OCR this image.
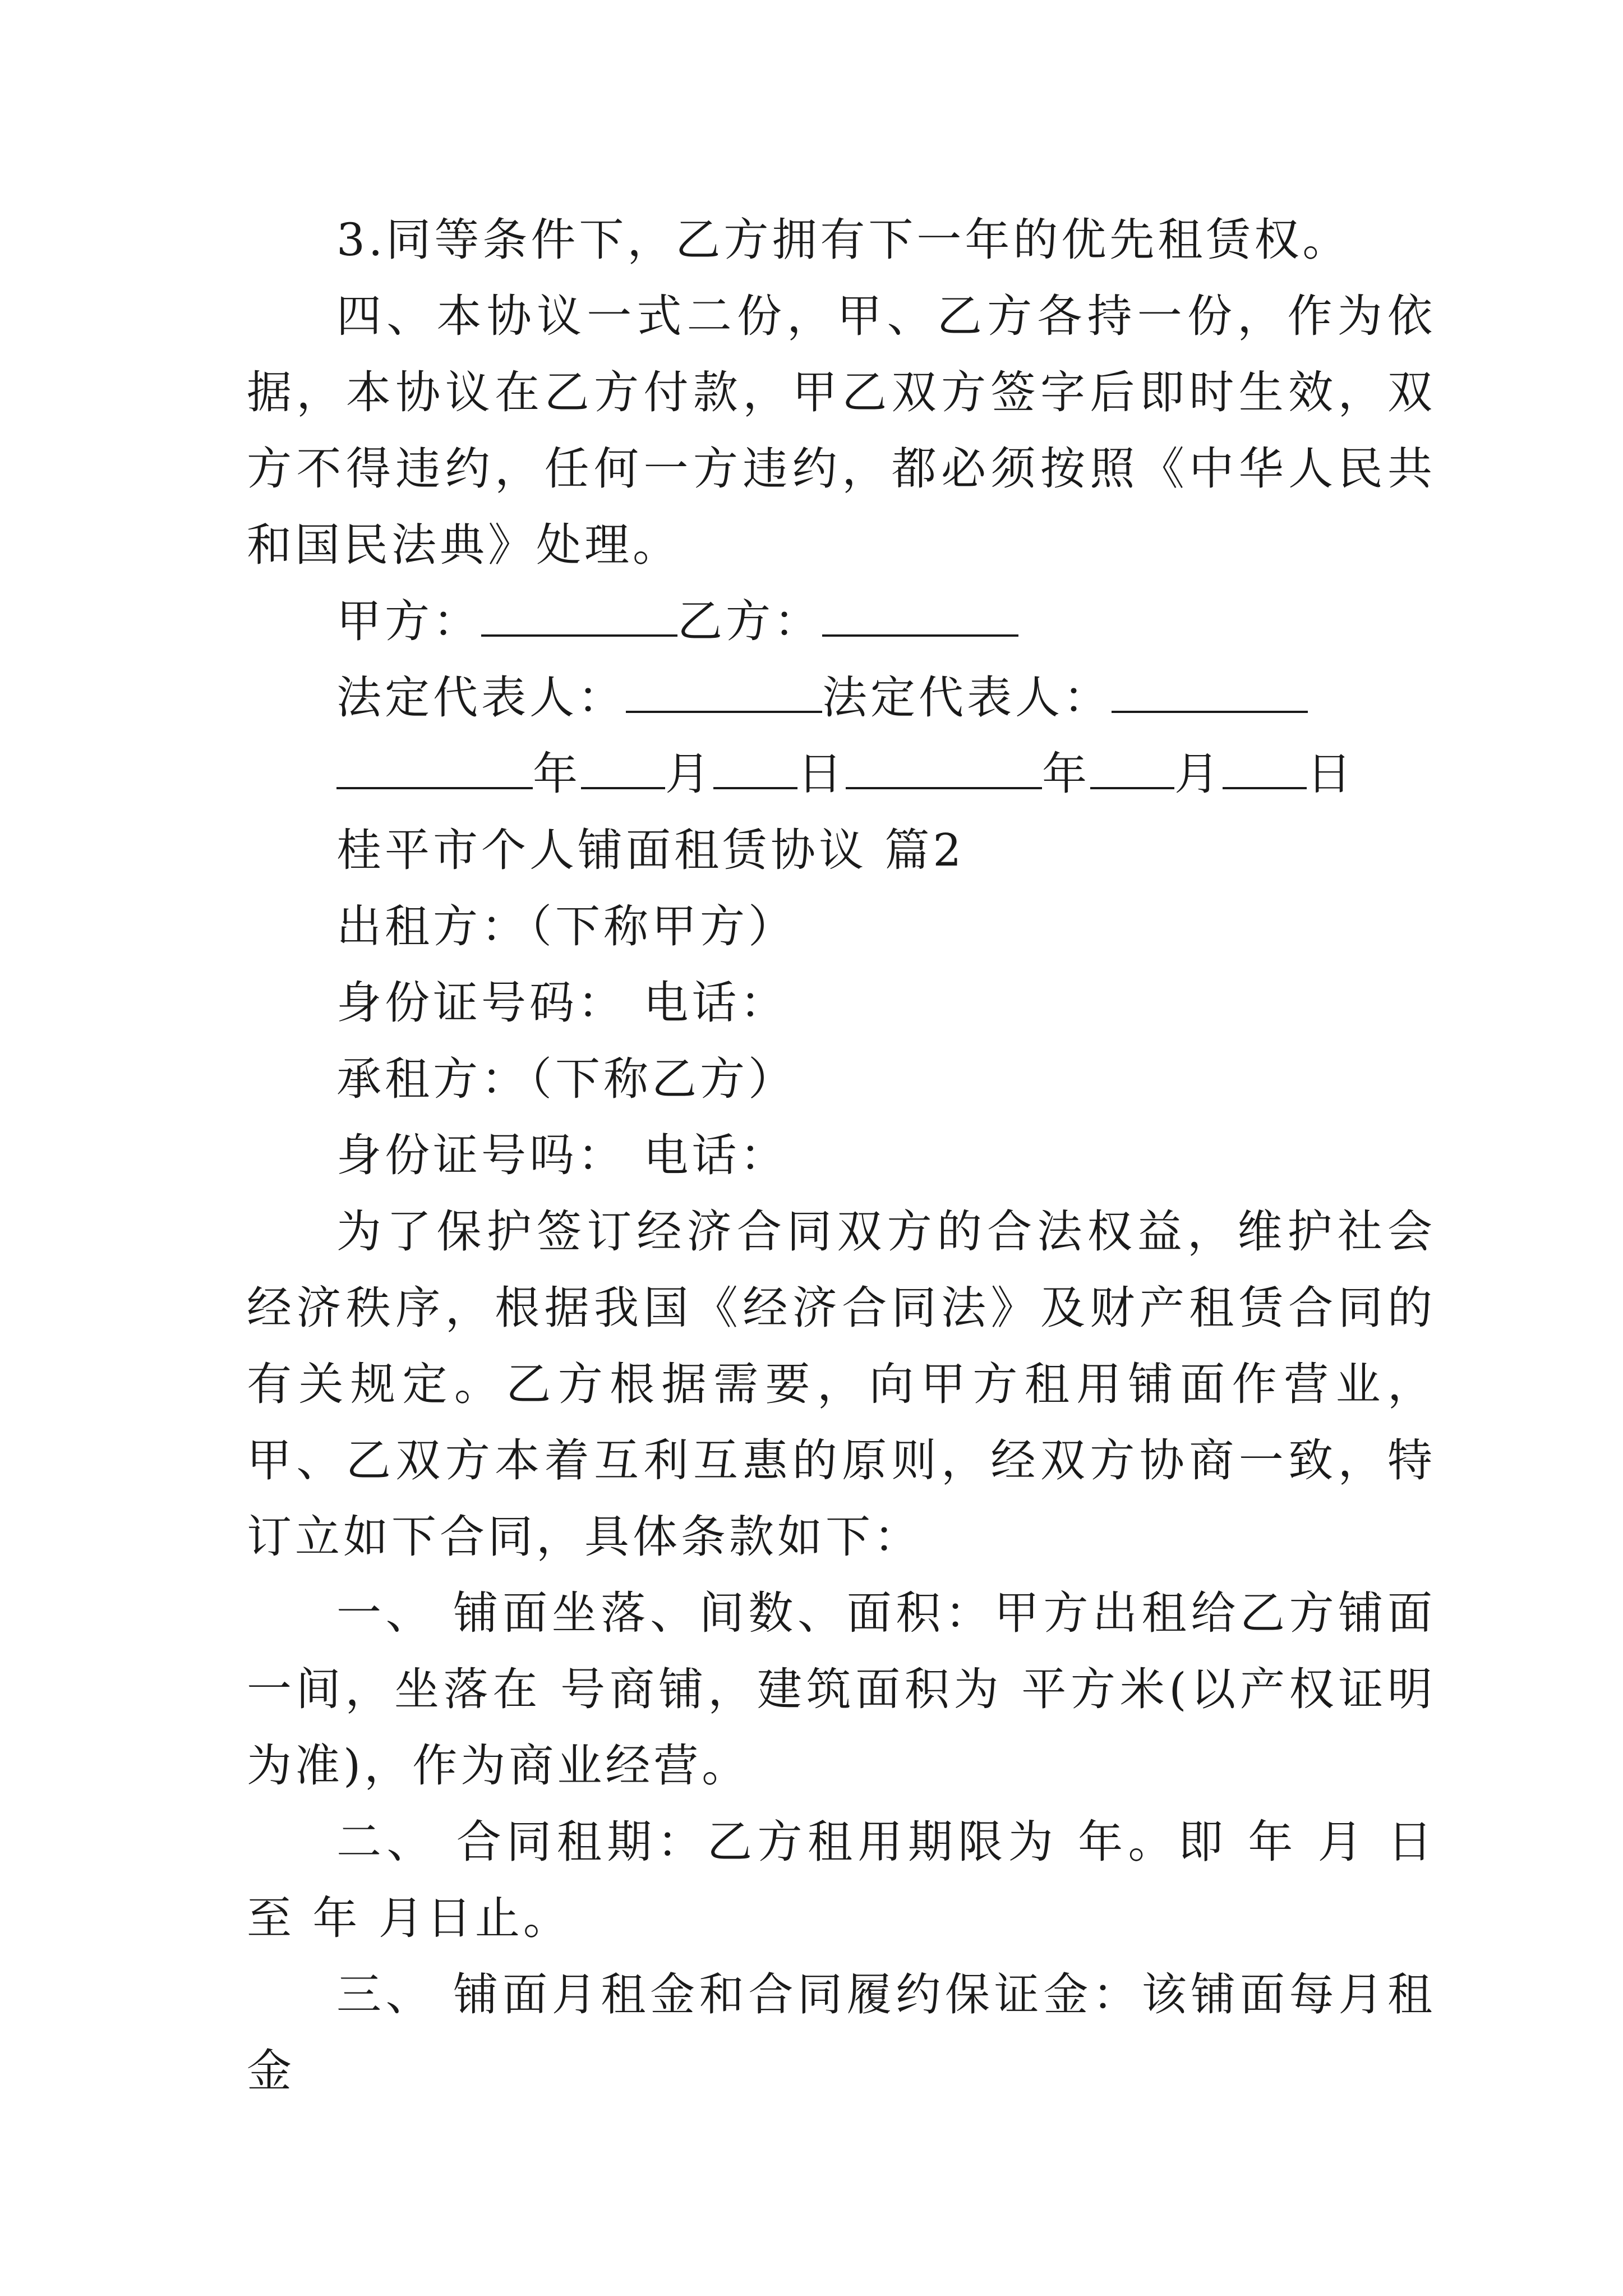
3.同等条件下，乙方拥有下一年的优先租赁权。

四、本协议一式二份，甲、乙方各持一份，作为依据，本协议在乙方付款，甲乙双方签字后即时生效，双方不得违约，任何一方违约，都必须按照《中华人民共和国民法典》处理。

甲方：	乙方：

法定代表人：	法定代表人：

年 月 日	年 月 日

桂平市个人铺面租赁协议 篇2

出租方：（下称甲方）

身份证号码： 电话：

承租方：（下称乙方）

身份证号吗： 电话：

为了保护签订经济合同双方的合法权益，维护社会经济秩序，根据我国《经济合同法》及财产租赁合同的有关规定。乙方根据需要，向甲方租用铺面作营业，甲、乙双方本着互利互惠的原则，经双方协商一致，特订立如下合同，具体条款如下：

一、 铺面坐落、间数、面积：甲方出租给乙方铺面一间，坐落在 号商铺，建筑面积为 平方米(以产权证明为准)，作为商业经营。

二、 合同租期：乙方租用期限为 年。即 年 月 日至 年 月日止。

三、 铺面月租金和合同履约保证金：该铺面每月租金
